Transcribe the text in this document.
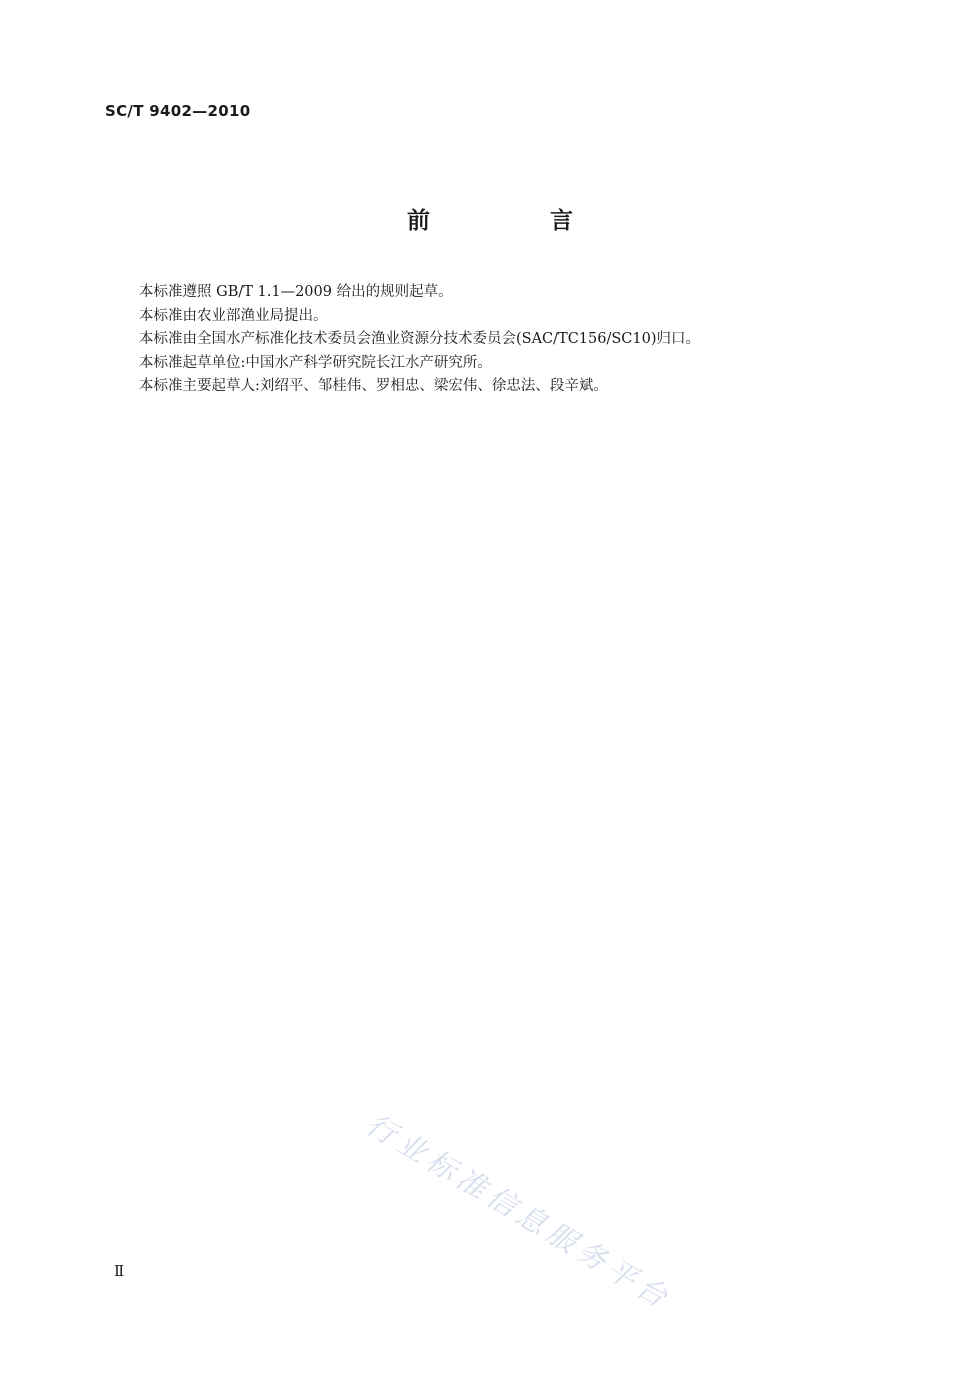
SC/T 9402—2010
前 言

本标准遵照 GB/T 1.1—2009 给出的规则起草。

本标准由农业部渔业局提出。

本标准由全国水产标准化技术委员会渔业资源分技术委员会(SAC/TC156/SC10)归口。

本标准起草单位:中国水产科学研究院长江水产研究所。

本标准主要起草人:刘绍平、邹桂伟、罗相忠、梁宏伟、徐忠法、段辛斌。

行业标准信息服务平台
Ⅱ
